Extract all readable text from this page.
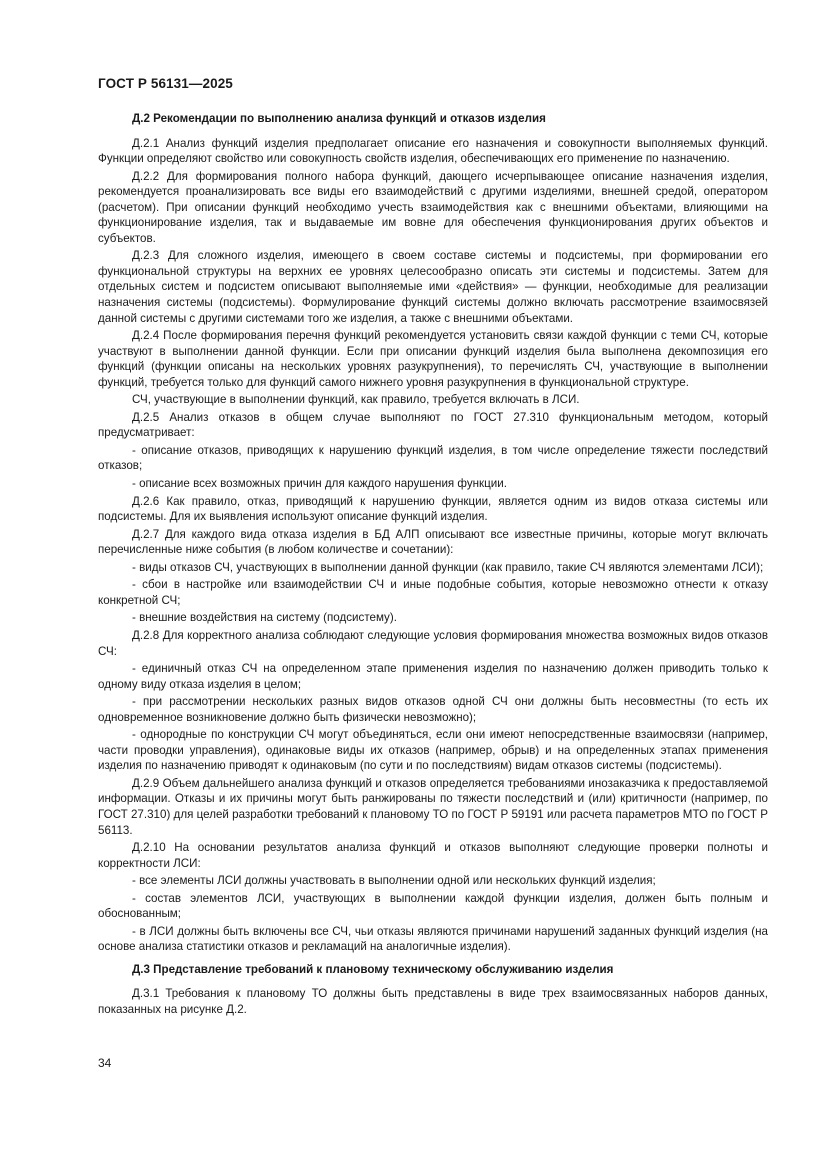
ГОСТ Р 56131—2025

Д.2 Рекомендации по выполнению анализа функций и отказов изделия

Д.2.1 Анализ функций изделия предполагает описание его назначения и совокупности выполняемых функций. Функции определяют свойство или совокупность свойств изделия, обеспечивающих его применение по назначению.

Д.2.2 Для формирования полного набора функций, дающего исчерпывающее описание назначения изделия, рекомендуется проанализировать все виды его взаимодействий с другими изделиями, внешней средой, оператором (расчетом). При описании функций необходимо учесть взаимодействия как с внешними объектами, влияющими на функционирование изделия, так и выдаваемые им вовне для обеспечения функционирования других объектов и субъектов.

Д.2.3 Для сложного изделия, имеющего в своем составе системы и подсистемы, при формировании его функциональной структуры на верхних ее уровнях целесообразно описать эти системы и подсистемы. Затем для отдельных систем и подсистем описывают выполняемые ими «действия» — функции, необходимые для реализации назначения системы (подсистемы). Формулирование функций системы должно включать рассмотрение взаимосвязей данной системы с другими системами того же изделия, а также с внешними объектами.

Д.2.4 После формирования перечня функций рекомендуется установить связи каждой функции с теми СЧ, которые участвуют в выполнении данной функции. Если при описании функций изделия была выполнена декомпозиция его функций (функции описаны на нескольких уровнях разукрупнения), то перечислять СЧ, участвующие в выполнении функций, требуется только для функций самого нижнего уровня разукрупнения в функциональной структуре.

СЧ, участвующие в выполнении функций, как правило, требуется включать в ЛСИ.

Д.2.5 Анализ отказов в общем случае выполняют по ГОСТ 27.310 функциональным методом, который предусматривает:

- описание отказов, приводящих к нарушению функций изделия, в том числе определение тяжести последствий отказов;

- описание всех возможных причин для каждого нарушения функции.

Д.2.6 Как правило, отказ, приводящий к нарушению функции, является одним из видов отказа системы или подсистемы. Для их выявления используют описание функций изделия.

Д.2.7 Для каждого вида отказа изделия в БД АЛП описывают все известные причины, которые могут включать перечисленные ниже события (в любом количестве и сочетании):

- виды отказов СЧ, участвующих в выполнении данной функции (как правило, такие СЧ являются элементами ЛСИ);

- сбои в настройке или взаимодействии СЧ и иные подобные события, которые невозможно отнести к отказу конкретной СЧ;

- внешние воздействия на систему (подсистему).

Д.2.8 Для корректного анализа соблюдают следующие условия формирования множества возможных видов отказов СЧ:

- единичный отказ СЧ на определенном этапе применения изделия по назначению должен приводить только к одному виду отказа изделия в целом;

- при рассмотрении нескольких разных видов отказов одной СЧ они должны быть несовместны (то есть их одновременное возникновение должно быть физически невозможно);

- однородные по конструкции СЧ могут объединяться, если они имеют непосредственные взаимосвязи (например, части проводки управления), одинаковые виды их отказов (например, обрыв) и на определенных этапах применения изделия по назначению приводят к одинаковым (по сути и по последствиям) видам отказов системы (подсистемы).

Д.2.9 Объем дальнейшего анализа функций и отказов определяется требованиями инозаказчика к предоставляемой информации. Отказы и их причины могут быть ранжированы по тяжести последствий и (или) критичности (например, по ГОСТ 27.310) для целей разработки требований к плановому ТО по ГОСТ Р 59191 или расчета параметров МТО по ГОСТ Р 56113.

Д.2.10 На основании результатов анализа функций и отказов выполняют следующие проверки полноты и корректности ЛСИ:

- все элементы ЛСИ должны участвовать в выполнении одной или нескольких функций изделия;

- состав элементов ЛСИ, участвующих в выполнении каждой функции изделия, должен быть полным и обоснованным;

- в ЛСИ должны быть включены все СЧ, чьи отказы являются причинами нарушений заданных функций изделия (на основе анализа статистики отказов и рекламаций на аналогичные изделия).

Д.3 Представление требований к плановому техническому обслуживанию изделия

Д.3.1 Требования к плановому ТО должны быть представлены в виде трех взаимосвязанных наборов данных, показанных на рисунке Д.2.

34
